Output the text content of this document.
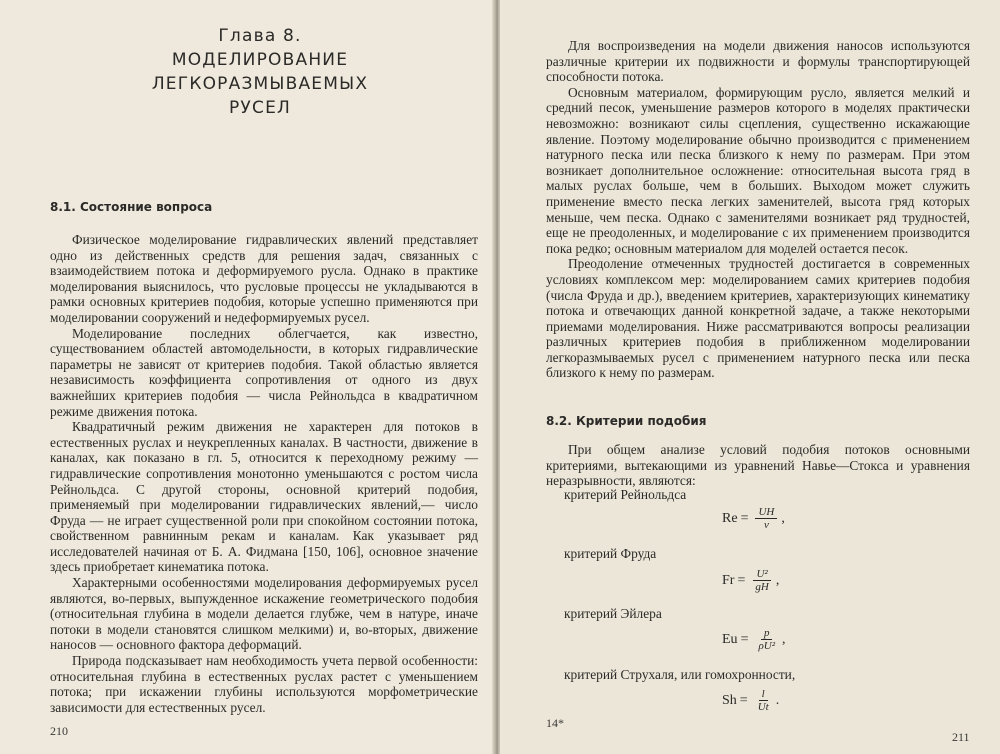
Глава 8. МОДЕЛИРОВАНИЕ
ЛЕГКОРАЗМЫВАЕМЫХ РУСЕЛ
8.1. Состояние вопроса

Физическое моделирование гидравлических явлений представляет одно из действенных средств для решения задач, связанных с взаимодействием потока и деформируемого русла. Однако в практике моделирования выяснилось, что русловые процессы не укладываются в рамки основных критериев подобия, которые успешно применяются при моделировании сооружений и недеформируемых русел.

Моделирование последних облегчается, как известно, существованием областей автомодельности, в которых гидравлические параметры не зависят от критериев подобия. Такой областью является независимость коэффициента сопротивления от одного из двух важнейших критериев подобия — числа Рейнольдса в квадратичном режиме движения потока.

Квадратичный режим движения не характерен для потоков в естественных руслах и неукрепленных каналах. В частности, движение в каналах, как показано в гл. 5, относится к переходному режиму — гидравлические сопротивления монотонно уменьшаются с ростом числа Рейнольдса. С другой стороны, основной критерий подобия, применяемый при моделировании гидравлических явлений,— число Фруда — не играет существенной роли при спокойном состоянии потока, свойственном равнинным рекам и каналам. Как указывает ряд исследователей начиная от Б. А. Фидмана [150, 106], основное значение здесь приобретает кинематика потока.

Характерными особенностями моделирования деформируемых русел являются, во-первых, выпужденное искажение геометрического подобия (относительная глубина в модели делается глубже, чем в натуре, иначе потоки в модели становятся слишком мелкими) и, во-вторых, движение наносов — основного фактора деформаций.

Природа подсказывает нам необходимость учета первой особенности: относительная глубина в естественных руслах растет с уменьшением потока; при искажении глубины используются морфометрические зависимости для естественных русел.

210

Для воспроизведения на модели движения наносов используются различные критерии их подвижности и формулы транспортирующей способности потока.

Основным материалом, формирующим русло, является мелкий и средний песок, уменьшение размеров которого в моделях практически невозможно: возникают силы сцепления, существенно искажающие явление. Поэтому моделирование обычно производится с применением натурного песка или песка близкого к нему по размерам. При этом возникает дополнительное осложнение: относительная высота гряд в малых руслах больше, чем в больших. Выходом может служить применение вместо песка легких заменителей, высота гряд которых меньше, чем песка. Однако с заменителями возникает ряд трудностей, еще не преодоленных, и моделирование с их применением производится пока редко; основным материалом для моделей остается песок.

Преодоление отмеченных трудностей достигается в современных условиях комплексом мер: моделированием самих критериев подобия (числа Фруда и др.), введением критериев, характеризующих кинематику потока и отвечающих данной конкретной задаче, а также некоторыми приемами моделирования. Ниже рассматриваются вопросы реализации различных критериев подобия в приближенном моделировании легкоразмываемых русел с применением натурного песка или песка близкого к нему по размерам.

8.2. Критерии подобия

При общем анализе условий подобия потоков основными критериями, вытекающими из уравнений Навье—Стокса и уравнения неразрывности, являются:

критерий Рейнольдса
$Re = \frac{UH}{\nu}$ ,
критерий Фруда
$Fr = \frac{\text{U²}}{gH}$ ,
критерий Эйлера
$Eu = \frac{p}{\text{ρU²}}$ ,
критерий Струхаля, или гомохронности,
$Sh = \frac{l}{Ut}$ .
14*
211
